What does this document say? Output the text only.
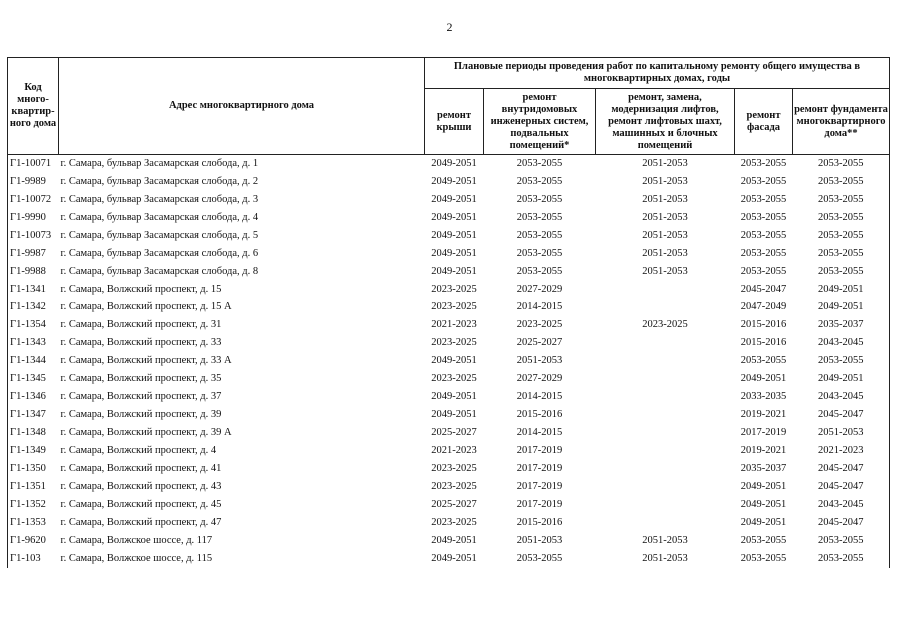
2
Код много-квартир-ного дома	Адрес многоквартирного дома	Плановые периоды проведения работ по капитальному ремонту общего имущества в многоквартирных домах, годы				
		ремонт крыши	ремонт внутридомовых инженерных систем, подвальных помещений*	ремонт, замена, модернизация лифтов, ремонт лифтовых шахт, машинных и блочных помещений	ремонт фасада	ремонт фундамента многоквартирного дома**
Г1-10071	г. Самара, бульвар Засамарская слобода, д. 1	2049-2051	2053-2055	2051-2053	2053-2055	2053-2055
Г1-9989	г. Самара, бульвар Засамарская слобода, д. 2	2049-2051	2053-2055	2051-2053	2053-2055	2053-2055
Г1-10072	г. Самара, бульвар Засамарская слобода, д. 3	2049-2051	2053-2055	2051-2053	2053-2055	2053-2055
Г1-9990	г. Самара, бульвар Засамарская слобода, д. 4	2049-2051	2053-2055	2051-2053	2053-2055	2053-2055
Г1-10073	г. Самара, бульвар Засамарская слобода, д. 5	2049-2051	2053-2055	2051-2053	2053-2055	2053-2055
Г1-9987	г. Самара, бульвар Засамарская слобода, д. 6	2049-2051	2053-2055	2051-2053	2053-2055	2053-2055
Г1-9988	г. Самара, бульвар Засамарская слобода, д. 8	2049-2051	2053-2055	2051-2053	2053-2055	2053-2055
Г1-1341	г. Самара, Волжский проспект, д. 15	2023-2025	2027-2029		2045-2047	2049-2051
Г1-1342	г. Самара, Волжский проспект, д. 15 А	2023-2025	2014-2015		2047-2049	2049-2051
Г1-1354	г. Самара, Волжский проспект, д. 31	2021-2023	2023-2025	2023-2025	2015-2016	2035-2037
Г1-1343	г. Самара, Волжский проспект, д. 33	2023-2025	2025-2027		2015-2016	2043-2045
Г1-1344	г. Самара, Волжский проспект, д. 33 А	2049-2051	2051-2053		2053-2055	2053-2055
Г1-1345	г. Самара, Волжский проспект, д. 35	2023-2025	2027-2029		2049-2051	2049-2051
Г1-1346	г. Самара, Волжский проспект, д. 37	2049-2051	2014-2015		2033-2035	2043-2045
Г1-1347	г. Самара, Волжский проспект, д. 39	2049-2051	2015-2016		2019-2021	2045-2047
Г1-1348	г. Самара, Волжский проспект, д. 39 А	2025-2027	2014-2015		2017-2019	2051-2053
Г1-1349	г. Самара, Волжский проспект, д. 4	2021-2023	2017-2019		2019-2021	2021-2023
Г1-1350	г. Самара, Волжский проспект, д. 41	2023-2025	2017-2019		2035-2037	2045-2047
Г1-1351	г. Самара, Волжский проспект, д. 43	2023-2025	2017-2019		2049-2051	2045-2047
Г1-1352	г. Самара, Волжский проспект, д. 45	2025-2027	2017-2019		2049-2051	2043-2045
Г1-1353	г. Самара, Волжский проспект, д. 47	2023-2025	2015-2016		2049-2051	2045-2047
Г1-9620	г. Самара, Волжское шоссе, д. 117	2049-2051	2051-2053	2051-2053	2053-2055	2053-2055
Г1-103	г. Самара, Волжское шоссе, д. 115	2049-2051	2053-2055	2051-2053	2053-2055	2053-2055
